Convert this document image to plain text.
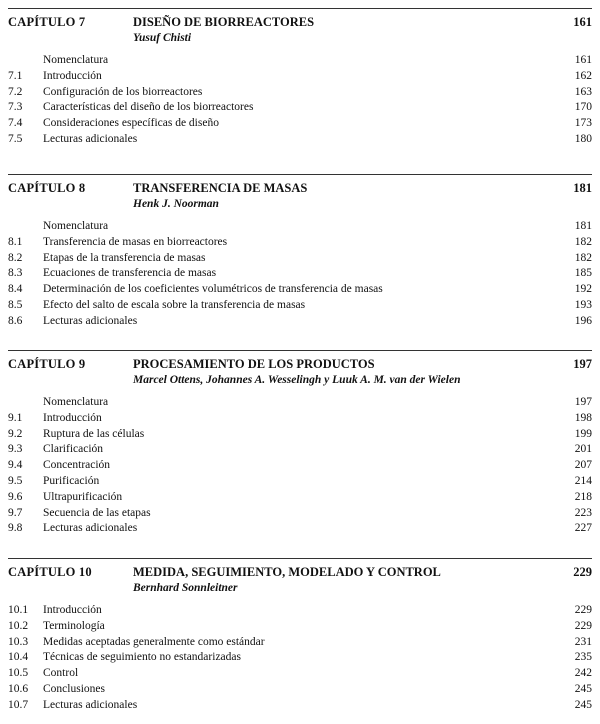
CAPÍTULO 7	DISEÑO DE BIORREACTORES	161
Yusuf Chisti
Nomenclatura	161
7.1 Introducción	162
7.2 Configuración de los biorreactores	163
7.3 Características del diseño de los biorreactores	170
7.4 Consideraciones específicas de diseño	173
7.5 Lecturas adicionales	180
CAPÍTULO 8	TRANSFERENCIA DE MASAS	181
Henk J. Noorman
Nomenclatura	181
8.1 Transferencia de masas en biorreactores	182
8.2 Etapas de la transferencia de masas	182
8.3 Ecuaciones de transferencia de masas	185
8.4 Determinación de los coeficientes volumétricos de transferencia de masas	192
8.5 Efecto del salto de escala sobre la transferencia de masas	193
8.6 Lecturas adicionales	196
CAPÍTULO 9	PROCESAMIENTO DE LOS PRODUCTOS	197
Marcel Ottens, Johannes A. Wesselingh y Luuk A. M. van der Wielen
Nomenclatura	197
9.1 Introducción	198
9.2 Ruptura de las células	199
9.3 Clarificación	201
9.4 Concentración	207
9.5 Purificación	214
9.6 Ultrapurificación	218
9.7 Secuencia de las etapas	223
9.8 Lecturas adicionales	227
CAPÍTULO 10	MEDIDA, SEGUIMIENTO, MODELADO Y CONTROL	229
Bernhard Sonnleitner
10.1 Introducción	229
10.2 Terminología	229
10.3 Medidas aceptadas generalmente como estándar	231
10.4 Técnicas de seguimiento no estandarizadas	235
10.5 Control	242
10.6 Conclusiones	245
10.7 Lecturas adicionales	245
